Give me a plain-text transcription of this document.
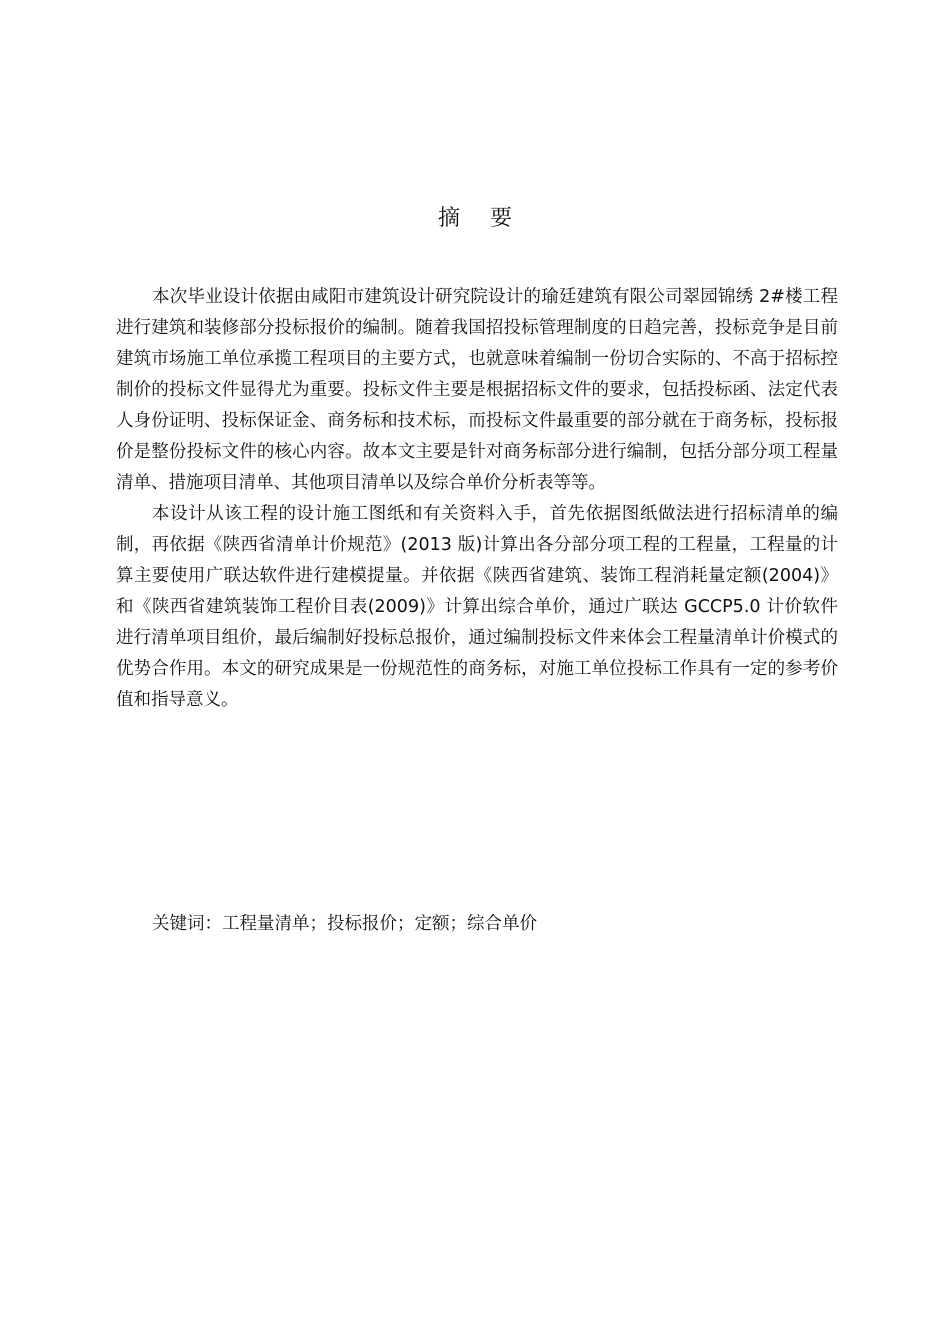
摘 要

本次毕业设计依据由咸阳市建筑设计研究院设计的瑜廷建筑有限公司翠园锦绣 2#楼工程进行建筑和装修部分投标报价的编制。随着我国招投标管理制度的日趋完善，投标竞争是目前建筑市场施工单位承揽工程项目的主要方式，也就意味着编制一份切合实际的、不高于招标控制价的投标文件显得尤为重要。投标文件主要是根据招标文件的要求，包括投标函、法定代表人身份证明、投标保证金、商务标和技术标，而投标文件最重要的部分就在于商务标，投标报价是整份投标文件的核心内容。故本文主要是针对商务标部分进行编制，包括分部分项工程量清单、措施项目清单、其他项目清单以及综合单价分析表等等。

本设计从该工程的设计施工图纸和有关资料入手，首先依据图纸做法进行招标清单的编制，再依据《陕西省清单计价规范》(2013 版)计算出各分部分项工程的工程量，工程量的计算主要使用广联达软件进行建模提量。并依据《陕西省建筑、装饰工程消耗量定额(2004)》和《陕西省建筑装饰工程价目表(2009)》计算出综合单价，通过广联达 GCCP5.0 计价软件进行清单项目组价，最后编制好投标总报价，通过编制投标文件来体会工程量清单计价模式的优势合作用。本文的研究成果是一份规范性的商务标，对施工单位投标工作具有一定的参考价值和指导意义。

关键词：工程量清单；投标报价；定额；综合单价
